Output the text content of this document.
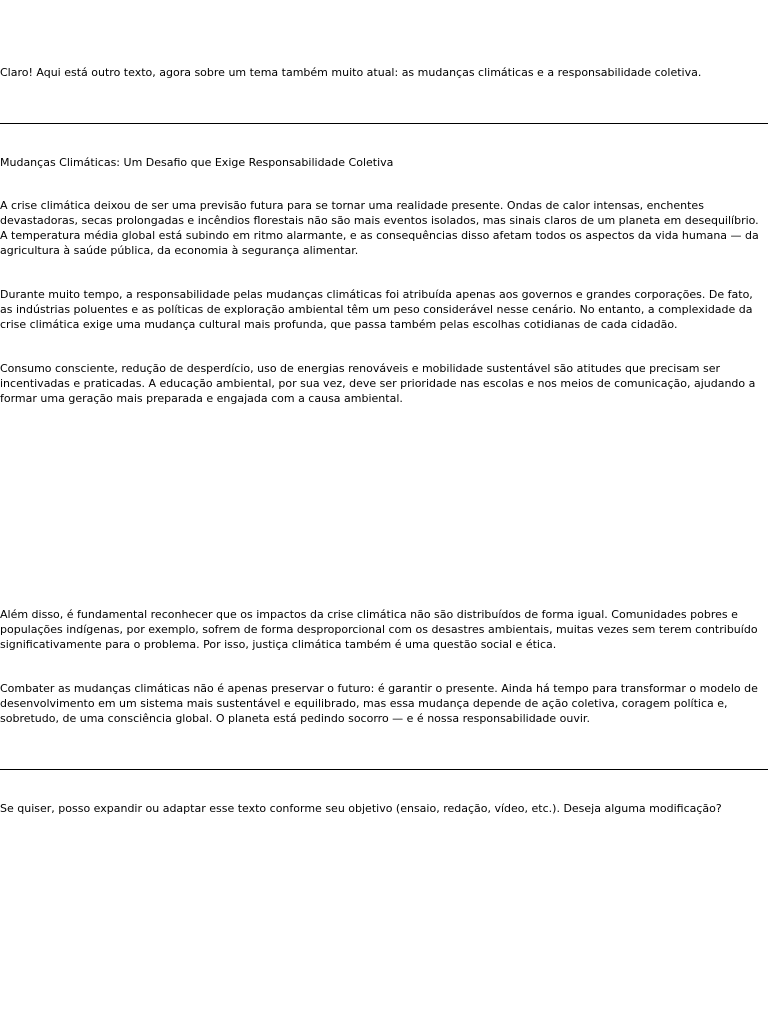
Claro! Aqui está outro texto, agora sobre um tema também muito atual: as mudanças climáticas e a responsabilidade coletiva.

Mudanças Climáticas: Um Desafio que Exige Responsabilidade Coletiva

A crise climática deixou de ser uma previsão futura para se tornar uma realidade presente. Ondas de calor intensas, enchentes devastadoras, secas prolongadas e incêndios florestais não são mais eventos isolados, mas sinais claros de um planeta em desequilíbrio. A temperatura média global está subindo em ritmo alarmante, e as consequências disso afetam todos os aspectos da vida humana — da agricultura à saúde pública, da economia à segurança alimentar.

Durante muito tempo, a responsabilidade pelas mudanças climáticas foi atribuída apenas aos governos e grandes corporações. De fato, as indústrias poluentes e as políticas de exploração ambiental têm um peso considerável nesse cenário. No entanto, a complexidade da crise climática exige uma mudança cultural mais profunda, que passa também pelas escolhas cotidianas de cada cidadão.

Consumo consciente, redução de desperdício, uso de energias renováveis e mobilidade sustentável são atitudes que precisam ser incentivadas e praticadas. A educação ambiental, por sua vez, deve ser prioridade nas escolas e nos meios de comunicação, ajudando a formar uma geração mais preparada e engajada com a causa ambiental.

Além disso, é fundamental reconhecer que os impactos da crise climática não são distribuídos de forma igual. Comunidades pobres e populações indígenas, por exemplo, sofrem de forma desproporcional com os desastres ambientais, muitas vezes sem terem contribuído significativamente para o problema. Por isso, justiça climática também é uma questão social e ética.

Combater as mudanças climáticas não é apenas preservar o futuro: é garantir o presente. Ainda há tempo para transformar o modelo de desenvolvimento em um sistema mais sustentável e equilibrado, mas essa mudança depende de ação coletiva, coragem política e, sobretudo, de uma consciência global. O planeta está pedindo socorro — e é nossa responsabilidade ouvir.

Se quiser, posso expandir ou adaptar esse texto conforme seu objetivo (ensaio, redação, vídeo, etc.). Deseja alguma modificação?
